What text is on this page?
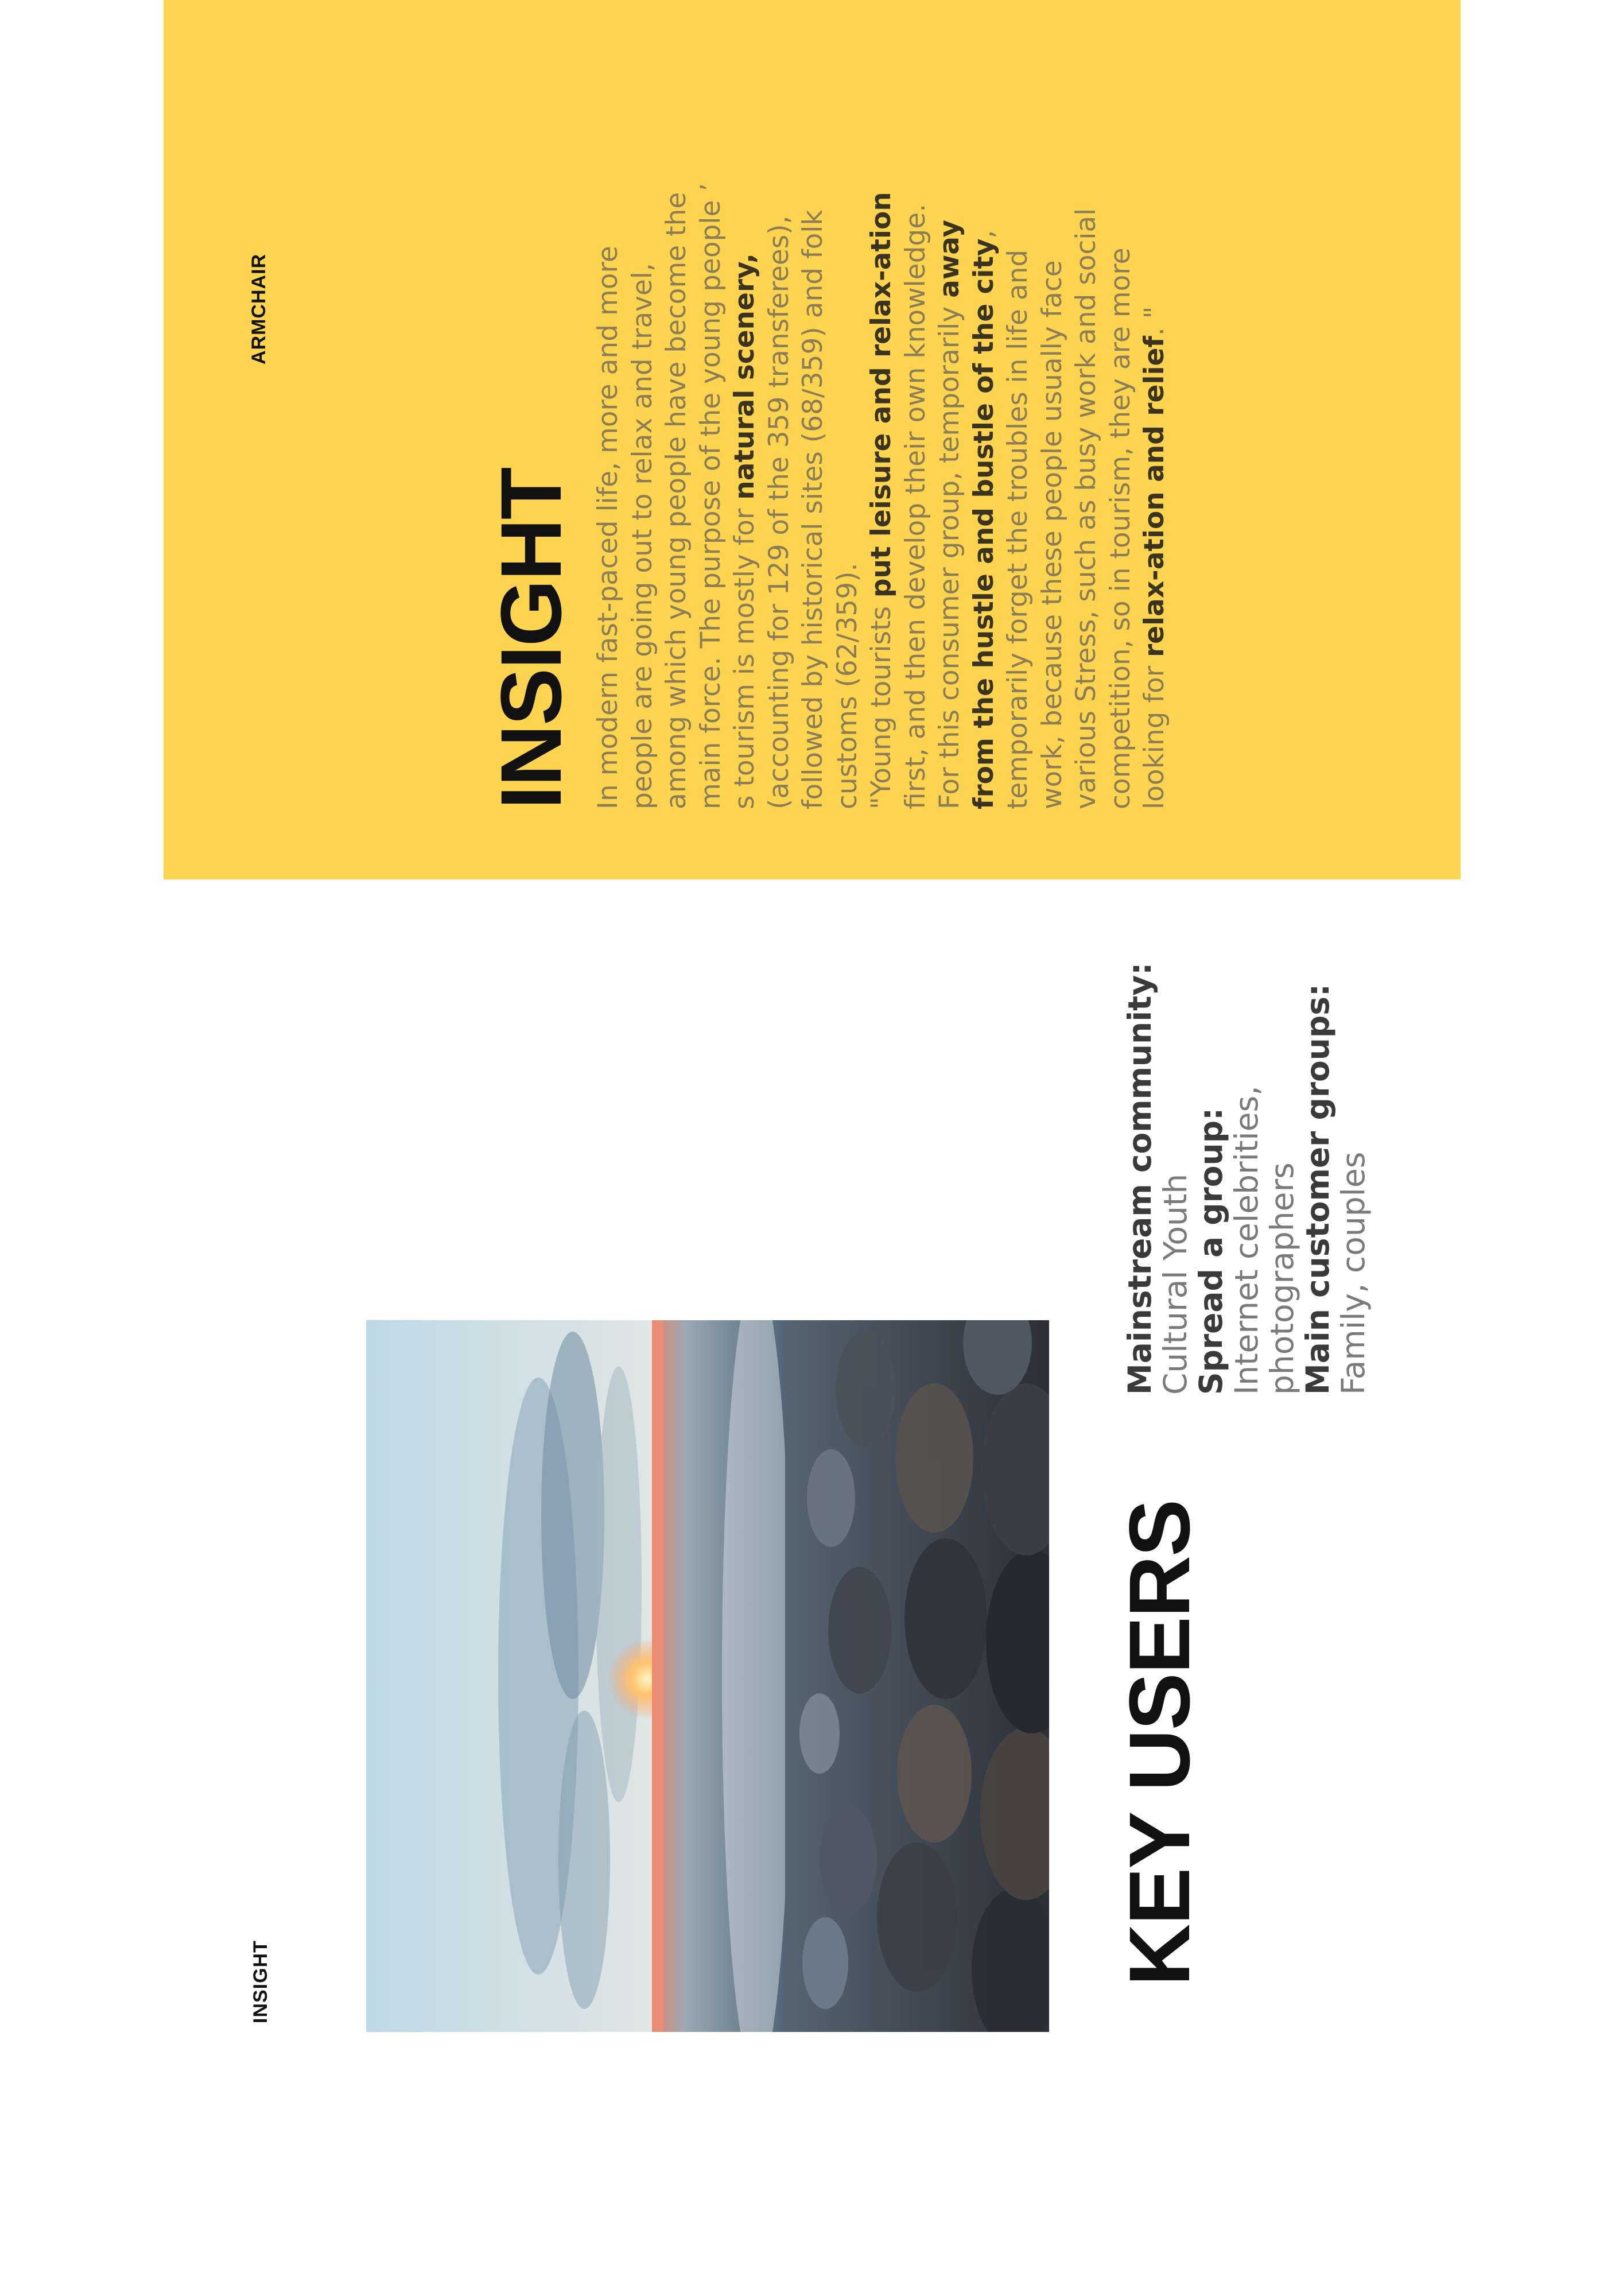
INSIGHT	KEY USERS
Mainstream community:
Cultural Youth
Spread a group:
Internet celebrities, photographers
Main customer groups:
Family, couples
ARMCHAIR
INSIGHT In modern fast-paced life, more and more people are going out to relax and travel, among which young people have become the main force. The purpose of the young people ’ s tourism is mostly for natural scenery, (accounting for 129 of the 359 transferees), followed by historical sites (68/359) and folk customs (62/359).
"Young tourists put leisure and relax-ation first, and then develop their own knowledge. For this consumer group, temporarily away from the hustle and bustle of the city, temporarily forget the troubles in life and work, because these people usually face various Stress, such as busy work and social competition, so in tourism, they are more looking for relax-ation and relief. "
